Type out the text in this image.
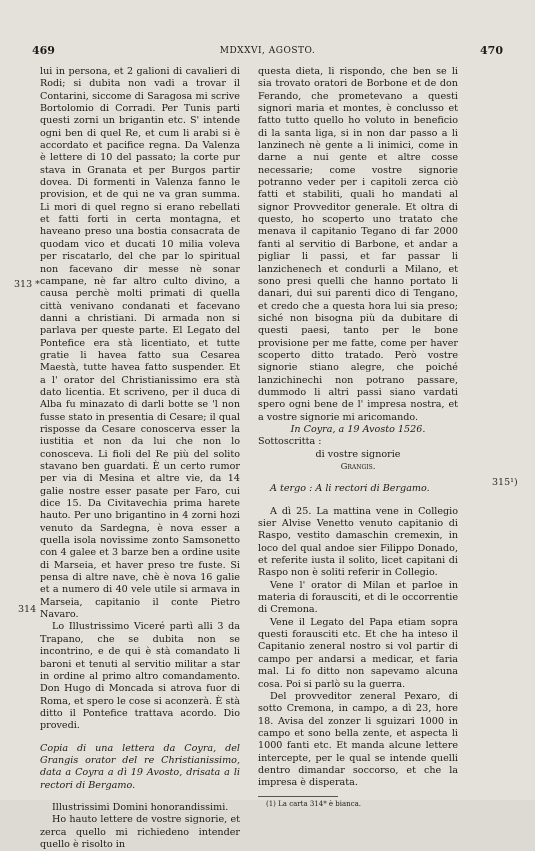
469	MDXXVI, AGOSTO.	470
313 *
314
315¹)

lui in persona, et 2 galioni di cavalieri di Rodi; si dubita non vadi a trovar il Contarini, siccome di Saragosa mi scrive Bortolomio di Corradi. Per Tunis parti questi zorni un brigantin etc. S' intende ogni ben di quel Re, et cum li arabi si è accordato et pacifice regna. Da Valenza è lettere di 10 del passato; la corte pur stava in Granata et per Burgos partir dovea. Di formenti in Valenza fanno le provision, et de qui ne va gran summa. Li mori di quel regno si erano rebellati et fatti forti in certa montagna, et haveano preso una bostia consacrata de quodam vico et ducati 10 milia voleva per riscatarlo, del che par lo spiritual non facevano dir messe nè sonar campane, nè far altro culto divino, a causa perchè molti primati di quella città venivano condanati et facevano danni a christiani. Di armada non si parlava per queste parte. El Legato del Pontefice era stà licentiato, et tutte gratie li havea fatto sua Cesarea Maestà, tutte havea fatto suspender. Et a l' orator del Christianissimo era stà dato licentia. Et scriveno, per il duca di Alba fu minazato di darli botte se 'l non fusse stato in presentia di Cesare; il qual risposse da Cesare conoscerva esser la iustitia et non da lui che non lo conosceva. Li fioli del Re più del solito stavano ben guardati. È un certo rumor per via di Mesina et altre vie, da 14 galie nostre esser pasate per Faro, cui dice 15. Da Civitavechia prima harete hauto. Per uno brigantino in 4 zorni hozi venuto da Sardegna, è nova esser a quella isola novissime zonto Samsonetto con 4 galee et 3 barze ben a ordine usite di Marseia, et haver preso tre fuste. Si pensa di altre nave, chè è nova 16 galie et a numero di 40 vele utile si armava in Marseia, capitanio il conte Pietro Navaro.

Lo Illustrissimo Viceré partì alli 3 da Trapano, che se dubita non se incontrino, e de qui è stà comandato li baroni et tenuti al servitio militar a star in ordine al primo altro comandamento. Don Hugo di Moncada si atrova fuor di Roma, et spero le cose si aconzerà. È stà ditto il Pontefice trattava acordo. Dio provedi.

Copia di una lettera da Coyra, del Grangis orator del re Christianissimo, data a Coyra a dì 19 Avosto, drisata a li rectori di Bergamo.

Illustrissimi Domini honorandissimi.

Ho hauto lettere de vostre signorie, et zerca quello mi richiedeno intender quello è risolto in

questa dieta, li rispondo, che ben se li sia trovato oratori de Borbone et de don Ferando, che prometevano a questi signori maria et montes, è conclusso et fatto tutto quello ho voluto in beneficio di la santa liga, si in non dar passo a li lanzinech nè gente a li inimici, come in darne a nui gente et altre cosse necessarie; come vostre signorie potranno veder per i capitoli zerca ciò fatti et stabiliti, quali ho mandati al signor Provveditor generale. Et oltra di questo, ho scoperto uno tratato che menava il capitanio Tegano di far 2000 fanti al servitio di Barbone, et andar a pigliar li passi, et far passar li lanzichenech et condurli a Milano, et sono presi quelli che hanno portato li danari, dui sui parenti dico di Tengano, et credo che a questa hora lui sia preso; siché non bisogna più da dubitare di questi paesi, tanto per le bone provisione per me fatte, come per haver scoperto ditto tratado. Però vostre signorie stiano alegre, che poiché lanzichinechi non potrano passare, dummodo li altri passi siano vardati spero ogni bene de l' impresa nostra, et a vostre signorie mi aricomando.

In Coyra, a 19 Avosto 1526.

Sottoscritta :

di vostre signorie

Grangis.

A tergo : A li rectori di Bergamo.

A dì 25. La mattina vene in Collegio sier Alvise Venetto venuto capitanio di Raspo, vestito damaschin cremexin, in loco del qual andoe sier Filippo Donado, et referite iusta il solito, licet capitani di Raspo non è soliti referir in Collegio.

Vene l' orator di Milan et parloe in materia di forausciti, et di le occorrentie di Cremona.

Vene il Legato del Papa etiam sopra questi forausciti etc. Et che ha inteso il Capitanio zeneral nostro si vol partir di campo per andarsi a medicar, et faria mal. Li fo ditto non sapevamo alcuna cosa. Poi si parlò su la guerra.

Del provveditor zeneral Pexaro, di sotto Cremona, in campo, a dì 23, hore 18. Avisa del zonzer li sguizari 1000 in campo et sono bella zente, et aspecta li 1000 fanti etc. Et manda alcune lettere intercepte, per le qual se intende quelli dentro dimandar soccorso, et che la impresa è disperata.

(1) La carta 314* è bianca.
